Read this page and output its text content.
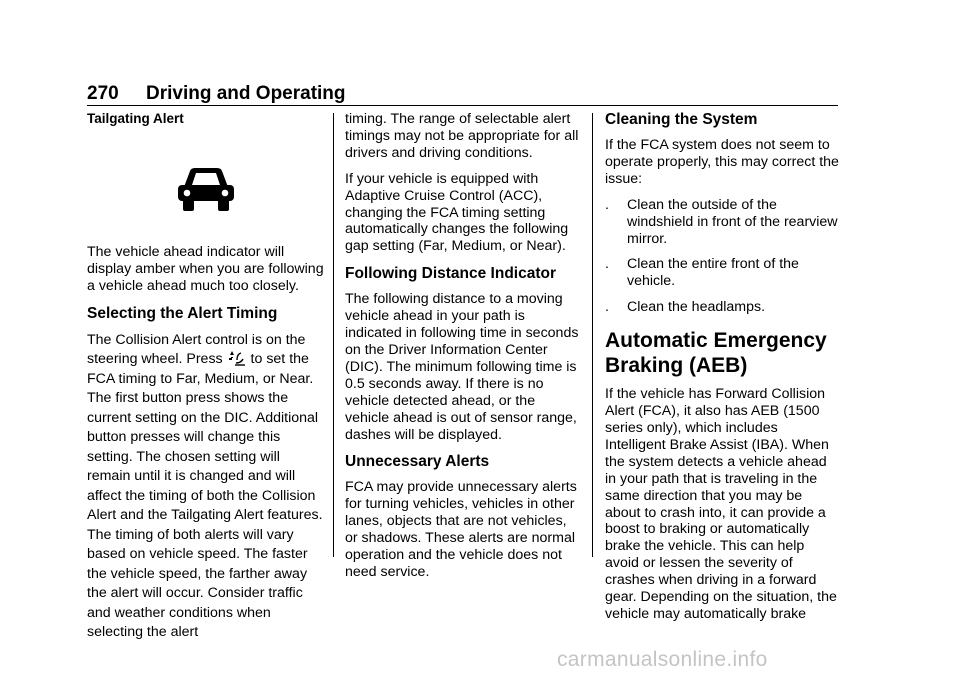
270 Driving and Operating
Tailgating Alert

The vehicle ahead indicator will display amber when you are following a vehicle ahead much too closely.

Selecting the Alert Timing

The Collision Alert control is on the steering wheel. Press to set the FCA timing to Far, Medium, or Near. The first button press shows the current setting on the DIC. Additional button presses will change this setting. The chosen setting will remain until it is changed and will affect the timing of both the Collision Alert and the Tailgating Alert features. The timing of both alerts will vary based on vehicle speed. The faster the vehicle speed, the farther away the alert will occur. Consider traffic and weather conditions when selecting the alert

timing. The range of selectable alert timings may not be appropriate for all drivers and driving conditions.

If your vehicle is equipped with Adaptive Cruise Control (ACC), changing the FCA timing setting automatically changes the following gap setting (Far, Medium, or Near).

Following Distance Indicator

The following distance to a moving vehicle ahead in your path is indicated in following time in seconds on the Driver Information Center (DIC). The minimum following time is 0.5 seconds away. If there is no vehicle detected ahead, or the vehicle ahead is out of sensor range, dashes will be displayed.

Unnecessary Alerts

FCA may provide unnecessary alerts for turning vehicles, vehicles in other lanes, objects that are not vehicles, or shadows. These alerts are normal operation and the vehicle does not need service.

Cleaning the System

If the FCA system does not seem to operate properly, this may correct the issue:

. Clean the outside of the windshield in front of the rearview mirror.
. Clean the entire front of the vehicle.
. Clean the headlamps.
Automatic Emergency Braking (AEB)

If the vehicle has Forward Collision Alert (FCA), it also has AEB (1500 series only), which includes Intelligent Brake Assist (IBA). When the system detects a vehicle ahead in your path that is traveling in the same direction that you may be about to crash into, it can provide a boost to braking or automatically brake the vehicle. This can help avoid or lessen the severity of crashes when driving in a forward gear. Depending on the situation, the vehicle may automatically brake

carmanualsonline.info
